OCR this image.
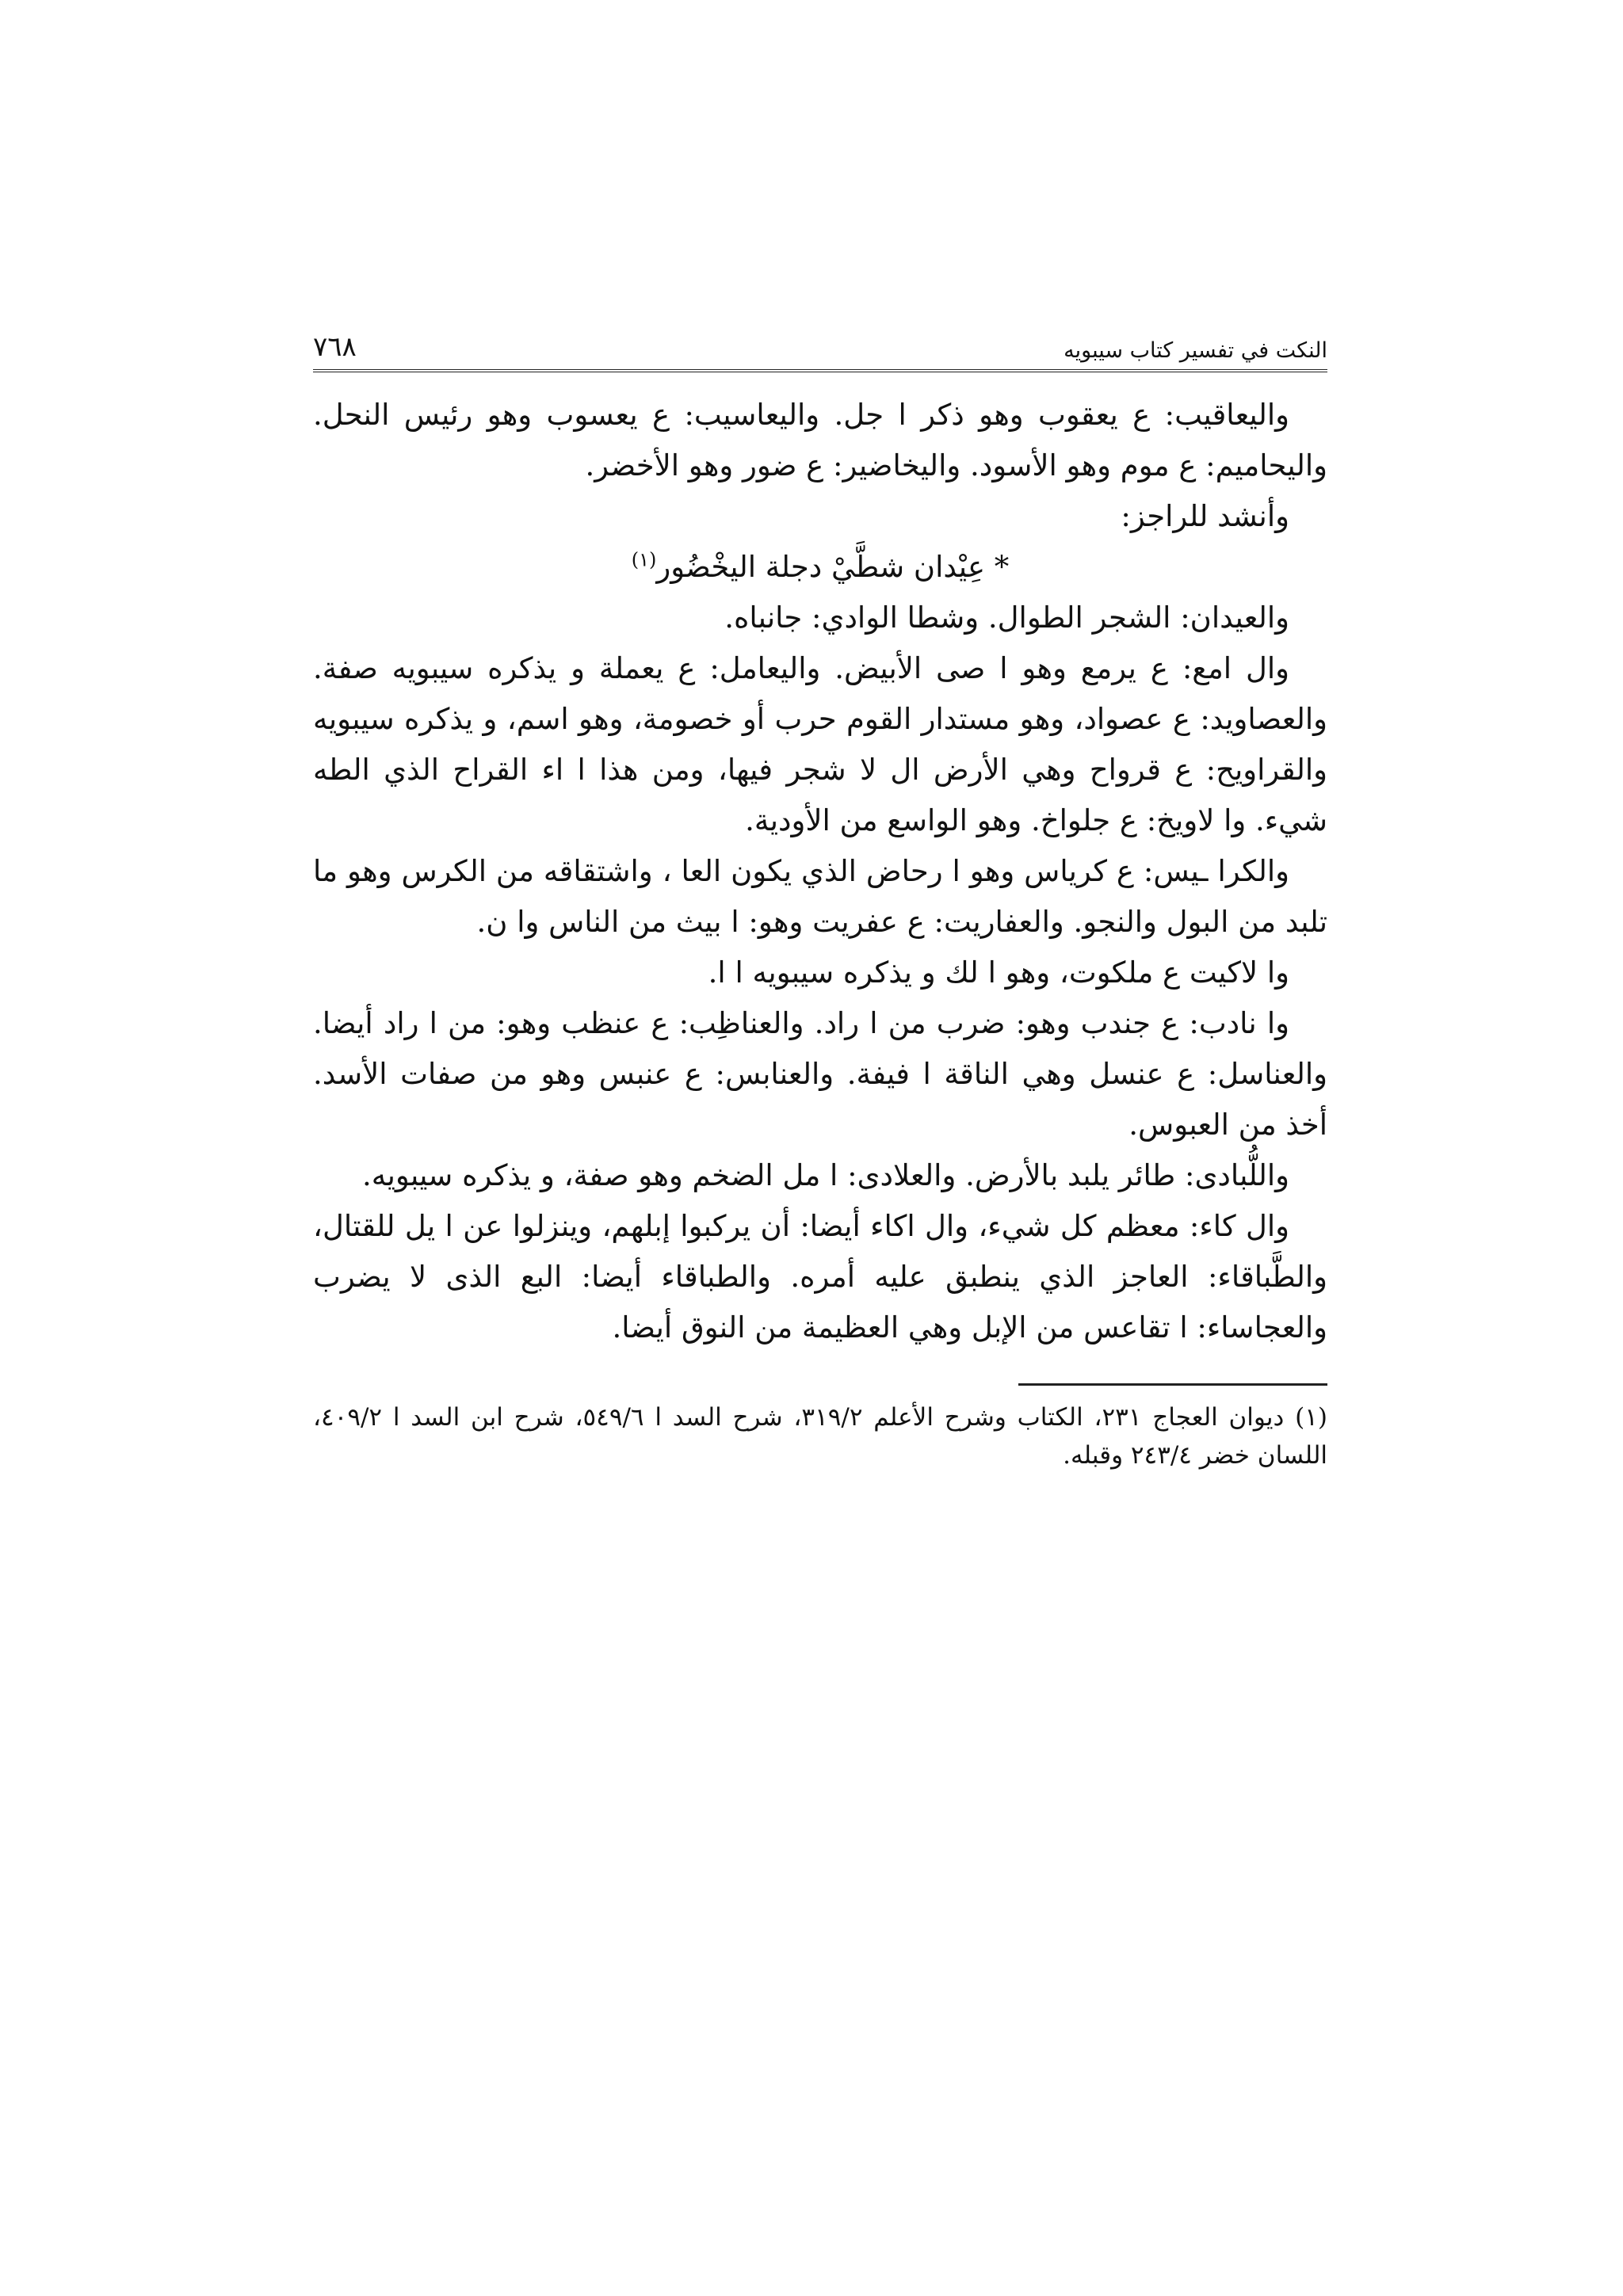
النكت في تفسير كتاب سيبويه
٧٦٨

واليعاقيب: ع يعقوب وهو ذكر ا جل. واليعاسيب: ع يعسوب وهو رئيس النحل. واليحاميم: ع موم وهو الأسود. واليخاضير: ع ضور وهو الأخضر.

وأنشد للراجز:

* عِيْدان شطَّيْ دجلة اليخْضُور$^{(١)}$

والعيدان: الشجر الطوال. وشطا الوادي: جانباه.

وال امع: ع يرمع وهو ا صى الأبيض. واليعامل: ع يعملة و يذكره سيبويه صفة. والعصاويد: ع عصواد، وهو مستدار القوم حرب أو خصومة، وهو اسم، و يذكره سيبويه والقراويح: ع قرواح وهي الأرض ال لا شجر فيها، ومن هذا ا اء القراح الذي الطه شيء. وا لاويخ: ع جلواخ. وهو الواسع من الأودية.

والكرا ـيس: ع كرياس وهو ا رحاض الذي يكون العا ، واشتقاقه من الكرس وهو ما تلبد من البول والنجو. والعفاريت: ع عفريت وهو: ا بيث من الناس وا ن.

وا لاكيت ع ملكوت، وهو ا لك و يذكره سيبويه ا ا.

وا نادب: ع جندب وهو: ضرب من ا راد. والعناظِب: ع عنظب وهو: من ا راد أيضا. والعناسل: ع عنسل وهي الناقة ا فيفة. والعنابس: ع عنبس وهو من صفات الأسد. أخذ من العبوس.

واللُّبادى: طائر يلبد بالأرض. والعلادى: ا مل الضخم وهو صفة، و يذكره سيبويه.

وال كاء: معظم كل شيء، وال اكاء أيضا: أن يركبوا إبلهم، وينزلوا عن ا يل للقتال، والطَّباقاء: العاجز الذي ينطبق عليه أمره. والطباقاء أيضا: البع الذى لا يضرب والعجاساء: ا تقاعس من الإبل وهي العظيمة من النوق أيضا.

(١) ديوان العجاج ٢٣١، الكتاب وشرح الأعلم ٣١٩/٢، شرح السد ا ٥٤٩/٦، شرح ابن السد ا ٤٠٩/٢، اللسان خضر ٢٤٣/٤ وقبله.
